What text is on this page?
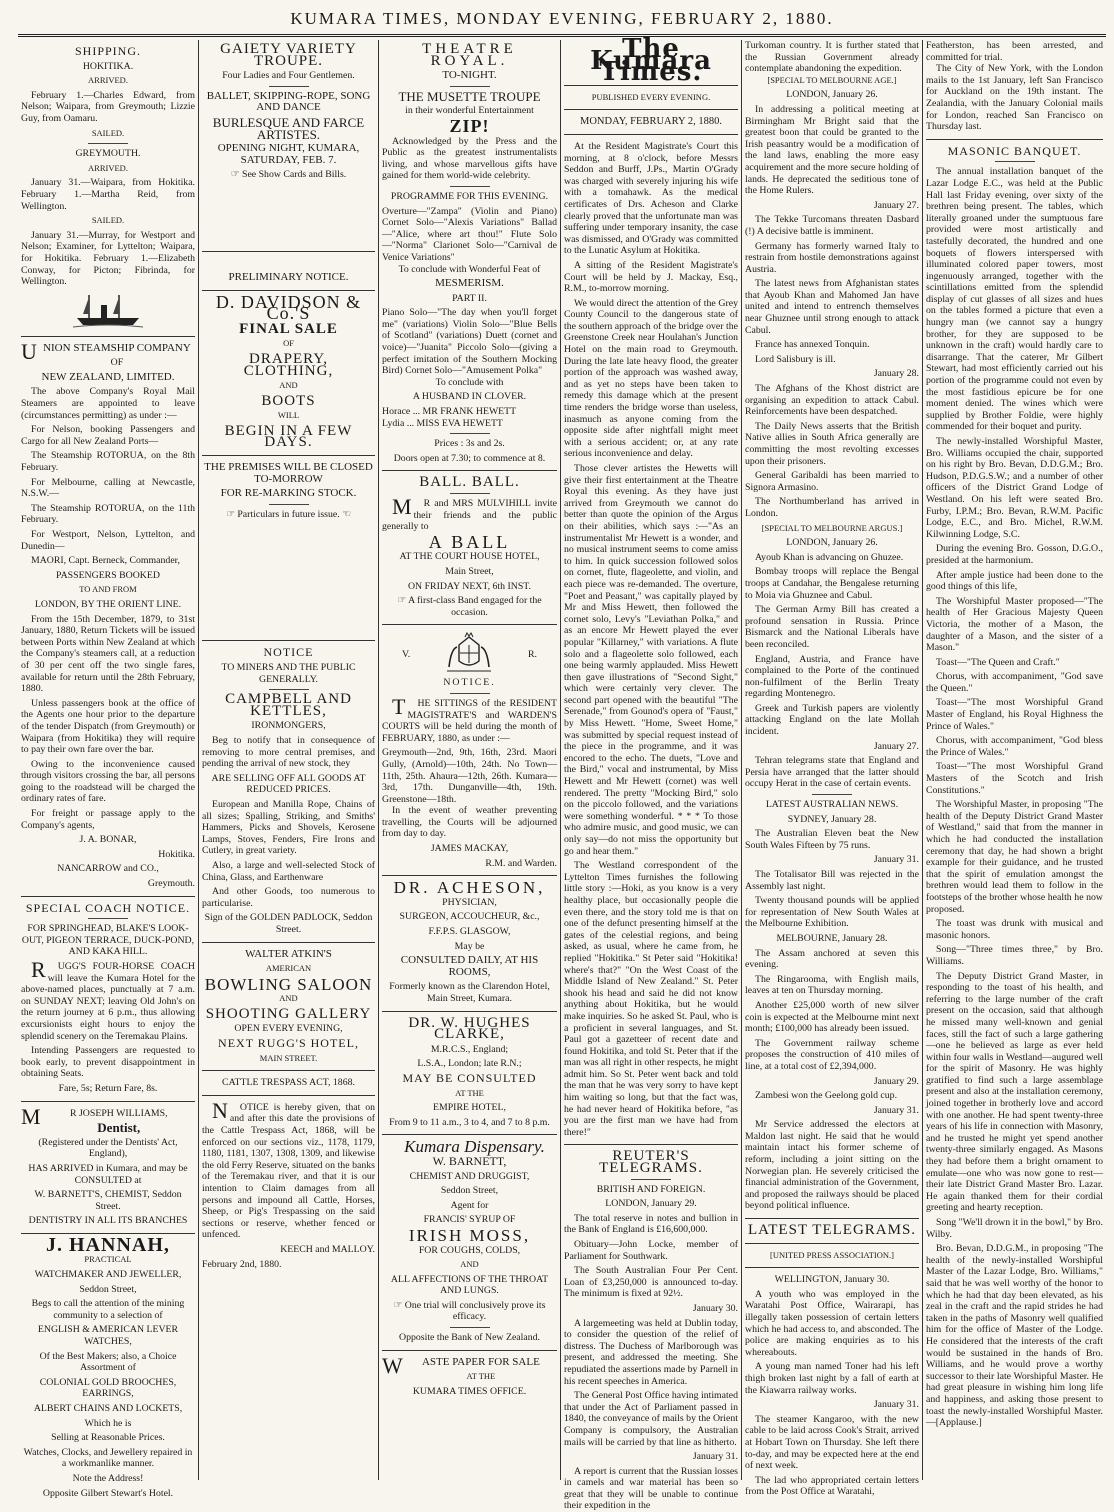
KUMARA TIMES, MONDAY EVENING, FEBRUARY 2, 1880.
SHIPPING.

HOKITIKA.

ARRIVED.

February 1.—Charles Edward, from Nelson; Waipara, from Greymouth; Lizzie Guy, from Oamaru.

SAILED.

GREYMOUTH.

ARRIVED.

January 31.—Waipara, from Hokitika. February 1.—Martha Reid, from Wellington.

SAILED.

January 31.—Murray, for Westport and Nelson; Examiner, for Lyttelton; Waipara, for Hokitika. February 1.—Elizabeth Conway, for Picton; Fibrinda, for Wellington.

UNION STEAMSHIP COMPANY

OF

NEW ZEALAND, LIMITED.

The above Company's Royal Mail Steamers are appointed to leave (circumstances permitting) as under :—

For Nelson, booking Passengers and Cargo for all New Zealand Ports—

The Steamship ROTORUA, on the 8th February.

For Melbourne, calling at Newcastle, N.S.W.—

The Steamship ROTORUA, on the 11th February.

For Westport, Nelson, Lyttelton, and Dunedin—

MAORI, Capt. Berneck, Commander,

PASSENGERS BOOKED

TO AND FROM

LONDON, BY THE ORIENT LINE.

From the 15th December, 1879, to 31st January, 1880, Return Tickets will be issued between Ports within New Zealand at which the Company's steamers call, at a reduction of 30 per cent off the two single fares, available for return until the 28th February, 1880.

Unless passengers book at the office of the Agents one hour prior to the departure of the tender Dispatch (from Greymouth) or Waipara (from Hokitika) they will require to pay their own fare over the bar.

Owing to the inconvenience caused through visitors crossing the bar, all persons going to the roadstead will be charged the ordinary rates of fare.

For freight or passage apply to the Company's agents,

J. A. BONAR,

Hokitika.

NANCARROW and CO.,

Greymouth.

SPECIAL COACH NOTICE.

FOR SPRINGHEAD, BLAKE'S LOOK-OUT, PIGEON TERRACE, DUCK-POND, AND KAKA HILL.

RUGG'S FOUR-HORSE COACH will leave the Kumara Hotel for the above-named places, punctually at 7 a.m. on SUNDAY NEXT; leaving Old John's on the return journey at 6 p.m., thus allowing excursionists eight hours to enjoy the splendid scenery on the Teremakau Plains.

Intending Passengers are requested to book early, to prevent disappointment in obtaining Seats.

Fare, 5s; Return Fare, 8s.

MR JOSEPH WILLIAMS,

Dentist,

(Registered under the Dentists' Act, England),

HAS ARRIVED in Kumara, and may be CONSULTED at

W. BARNETT'S, CHEMIST, Seddon Street.

DENTISTRY IN ALL ITS BRANCHES

J. HANNAH,

PRACTICAL

WATCHMAKER AND JEWELLER,

Seddon Street,

Begs to call the attention of the mining community to a selection of

ENGLISH & AMERICAN LEVER WATCHES,

Of the Best Makers; also, a Choice Assortment of

COLONIAL GOLD BROOCHES, EARRINGS,

ALBERT CHAINS AND LOCKETS,

Which he is

Selling at Reasonable Prices.

Watches, Clocks, and Jewellery repaired in a workmanlike manner.

Note the Address!

Opposite Gilbert Stewart's Hotel.

GAIETY VARIETY TROUPE.

Four Ladies and Four Gentlemen.

BALLET, SKIPPING-ROPE, SONG AND DANCE

BURLESQUE AND FARCE ARTISTES.

OPENING NIGHT, KUMARA, SATURDAY, FEB. 7.

☞ See Show Cards and Bills.

PRELIMINARY NOTICE.

D. DAVIDSON & Co.'S
FINAL SALE

OF

DRAPERY, CLOTHING,

AND

BOOTS

WILL

BEGIN IN A FEW DAYS.

THE PREMISES WILL BE CLOSED TO-MORROW

FOR RE-MARKING STOCK.

☞ Particulars in future issue. ☜

NOTICE

TO MINERS AND THE PUBLIC GENERALLY.

CAMPBELL AND KETTLES,

IRONMONGERS,

Beg to notify that in consequence of removing to more central premises, and pending the arrival of new stock, they

ARE SELLING OFF ALL GOODS AT REDUCED PRICES.

European and Manilla Rope, Chains of all sizes; Spalling, Striking, and Smiths' Hammers, Picks and Shovels, Kerosene Lamps, Stoves, Fenders, Fire Irons and Cutlery, in great variety.

Also, a large and well-selected Stock of China, Glass, and Earthenware

And other Goods, too numerous to particularise.

Sign of the GOLDEN PADLOCK, Seddon Street.

WALTER ATKIN'S

AMERICAN

BOWLING SALOON

AND

SHOOTING GALLERY

OPEN EVERY EVENING,

NEXT RUGG'S HOTEL,

MAIN STREET.

CATTLE TRESPASS ACT, 1868.

NOTICE is hereby given, that on and after this date the provisions of the Cattle Trespass Act, 1868, will be enforced on our sections viz., 1178, 1179, 1180, 1181, 1307, 1308, 1309, and likewise the old Ferry Reserve, situated on the banks of the Teremakau river, and that it is our intention to Claim damages from all persons and impound all Cattle, Horses, Sheep, or Pig's Trespassing on the said sections or reserve, whether fenced or unfenced.

KEECH and MALLOY.

February 2nd, 1880.

THEATRE ROYAL.

TO-NIGHT.

THE MUSETTE TROUPE

in their wonderful Entertainment

ZIP!

Acknowledged by the Press and the Public as the greatest instrumentalists living, and whose marvellous gifts have gained for them world-wide celebrity.

PROGRAMME FOR THIS EVENING.

Overture—"Zampa" (Violin and Piano) Cornet Solo—"Alexis Variations" Ballad—"Alice, where art thou!" Flute Solo—"Norma" Clarionet Solo—"Carnival de Venice Variations"

To conclude with Wonderful Feat of

MESMERISM.

PART II.

Piano Solo—"The day when you'll forget me" (variations) Violin Solo—"Blue Bells of Scotland" (variations) Duett (cornet and voice)—"Juanita" Piccolo Solo—(giving a perfect imitation of the Southern Mocking Bird) Cornet Solo—"Amusement Polka"

To conclude with

A HUSBAND IN CLOVER.

Horace ... MR FRANK HEWETT

Lydia ... MISS EVA HEWETT

Prices : 3s and 2s.

Doors open at 7.30; to commence at 8.

BALL. BALL.

MR and MRS MULVIHILL invite their friends and the public generally to

A BALL

AT THE COURT HOUSE HOTEL,

Main Street,

ON FRIDAY NEXT, 6th INST.

☞ A first-class Band engaged for the occasion.

V.	R.

NOTICE.

THE SITTINGS of the RESIDENT MAGISTRATE'S and WARDEN'S COURTS will be held during the month of FEBRUARY, 1880, as under :—

Greymouth—2nd, 9th, 16th, 23rd. Maori Gully, (Arnold)—10th, 24th. No Town—11th, 25th. Ahaura—12th, 26th. Kumara—3rd, 17th. Dunganville—4th, 19th. Greenstone—18th.

In the event of weather preventing travelling, the Courts will be adjourned from day to day.

JAMES MACKAY,

R.M. and Warden.

DR. ACHESON,

PHYSICIAN,

SURGEON, ACCOUCHEUR, &c.,

F.F.P.S. GLASGOW,

May be

CONSULTED DAILY, AT HIS ROOMS,

Formerly known as the Clarendon Hotel, Main Street, Kumara.

DR. W. HUGHES CLARKE,

M.R.C.S., England;

L.S.A., London; late R.N.;

MAY BE CONSULTED

AT THE

EMPIRE HOTEL,

From 9 to 11 a.m., 3 to 4, and 7 to 8 p.m.

Kumara Dispensary.

W. BARNETT,

CHEMIST AND DRUGGIST,

Seddon Street,

Agent for

FRANCIS' SYRUP OF

IRISH MOSS,

FOR COUGHS, COLDS,

AND

ALL AFFECTIONS OF THE THROAT AND LUNGS.

☞ One trial will conclusively prove its efficacy.

Opposite the Bank of New Zealand.

WASTE PAPER FOR SALE

AT THE

KUMARA TIMES OFFICE.

The Kumara Times.

PUBLISHED EVERY EVENING.

MONDAY, FEBRUARY 2, 1880.

At the Resident Magistrate's Court this morning, at 8 o'clock, before Messrs Seddon and Burff, J.Ps., Martin O'Grady was charged with severely injuring his wife with a tomahawk. As the medical certificates of Drs. Acheson and Clarke clearly proved that the unfortunate man was suffering under temporary insanity, the case was dismissed, and O'Grady was committed to the Lunatic Asylum at Hokitika.

A sitting of the Resident Magistrate's Court will be held by J. Mackay, Esq., R.M., to-morrow morning.

We would direct the attention of the Grey County Council to the dangerous state of the southern approach of the bridge over the Greenstone Creek near Houlahan's Junction Hotel on the main road to Greymouth. During the late late heavy flood, the greater portion of the approach was washed away, and as yet no steps have been taken to remedy this damage which at the present time renders the bridge worse than useless, inasmuch as anyone coming from the opposite side after nightfall might meet with a serious accident; or, at any rate serious inconvenience and delay.

Those clever artistes the Hewetts will give their first entertainment at the Theatre Royal this evening. As they have just arrived from Greymouth we cannot do better than quote the opinion of the Argus on their abilities, which says :—"As an instrumentalist Mr Hewett is a wonder, and no musical instrument seems to come amiss to him. In quick succession followed solos on cornet, flute, flageolette, and violin, and each piece was re-demanded. The overture, "Poet and Peasant," was capitally played by Mr and Miss Hewett, then followed the cornet solo, Levy's "Leviathan Polka," and as an encore Mr Hewett played the ever popular "Killarney," with variations. A flute solo and a flageolette solo followed, each one being warmly applauded. Miss Hewett then gave illustrations of "Second Sight," which were certainly very clever. The second part opened with the beautiful "The Serenade," from Gounod's opera of "Faust," by Miss Hewett. "Home, Sweet Home," was submitted by special request instead of the piece in the programme, and it was encored to the echo. The duets, "Love and the Bird," vocal and instrumental, by Miss Hewett and Mr Hewett (cornet) was well rendered. The pretty "Mocking Bird," solo on the piccolo followed, and the variations were something wonderful. * * * To those who admire music, and good music, we can only say—do not miss the opportunity but go and hear them."

The Westland correspondent of the Lyttelton Times furnishes the following little story :—Hoki, as you know is a very healthy place, but occasionally people die even there, and the story told me is that on one of the defunct presenting himself at the gates of the celestial regions, and being asked, as usual, where he came from, he replied "Hokitika." St Peter said "Hokitika! where's that?" "On the West Coast of the Middle Island of New Zealand." St. Peter shook his head and said he did not know anything about Hokitika, but he would make inquiries. So he asked St. Paul, who is a proficient in several languages, and St. Paul got a gazetteer of recent date and found Hokitika, and told St. Peter that if the man was all right in other respects, he might admit him. So St. Peter went back and told the man that he was very sorry to have kept him waiting so long, but that the fact was, he had never heard of Hokitika before, "as you are the first man we have had from there!"

REUTER'S TELEGRAMS.

BRITISH AND FOREIGN.

LONDON, January 29.

The total reserve in notes and bullion in the Bank of England is £16,600,000.

Obituary—John Locke, member of Parliament for Southwark.

The South Australian Four Per Cent. Loan of £3,250,000 is announced to-day. The minimum is fixed at 92½.

January 30.

A largemeeting was held at Dublin today, to consider the question of the relief of distress. The Duchess of Marlborough was present, and addressed the meeting. She repudiated the assertions made by Parnell in his recent speeches in America.

The General Post Office having intimated that under the Act of Parliament passed in 1840, the conveyance of mails by the Orient Company is compulsory, the Australian mails will be carried by that line as hitherto.

January 31.

A report is current that the Russian losses in camels and war material has been so great that they will be unable to continue their expedition in the

Turkoman country. It is further stated that the Russian Government already contemplate abandoning the expedition.

[SPECIAL TO MELBOURNE AGE.]

LONDON, January 26.

In addressing a political meeting at Birmingham Mr Bright said that the greatest boon that could be granted to the Irish peasantry would be a modification of the land laws, enabling the more easy acquirement and the more secure holding of lands. He deprecated the seditious tone of the Home Rulers.

January 27.

The Tekke Turcomans threaten Dasbard (!) A decisive battle is imminent.

Germany has formerly warned Italy to restrain from hostile demonstrations against Austria.

The latest news from Afghanistan states that Ayoub Khan and Mahomed Jan have united and intend to entrench themselves near Ghuznee until strong enough to attack Cabul.

France has annexed Tonquin.

Lord Salisbury is ill.

January 28.

The Afghans of the Khost district are organising an expedition to attack Cabul. Reinforcements have been despatched.

The Daily News asserts that the British Native allies in South Africa generally are committing the most revolting excesses upon their prisoners.

General Garibaldi has been married to Signora Armasino.

The Northumberland has arrived in London.

[SPECIAL TO MELBOURNE ARGUS.]

LONDON, January 26.

Ayoub Khan is advancing on Ghuzee.

Bombay troops will replace the Bengal troops at Candahar, the Bengalese returning to Moia via Ghuznee and Cabul.

The German Army Bill has created a profound sensation in Russia. Prince Bismarck and the National Liberals have been reconciled.

England, Austria, and France have complained to the Porte of the continued non-fulfilment of the Berlin Treaty regarding Montenegro.

Greek and Turkish papers are violently attacking England on the late Mollah incident.

January 27.

Tehran telegrams state that England and Persia have arranged that the latter should occupy Herat in the case of certain events.

LATEST AUSTRALIAN NEWS.

SYDNEY, January 28.

The Australian Eleven beat the New South Wales Fifteen by 75 runs.

January 31.

The Totalisator Bill was rejected in the Assembly last night.

Twenty thousand pounds will be applied for representation of New South Wales at the Melbourne Exhibition.

MELBOURNE, January 28.

The Assam anchored at seven this evening.

The Ringarooma, with English mails, leaves at ten on Thursday morning.

Another £25,000 worth of new silver coin is expected at the Melbourne mint next month; £100,000 has already been issued.

The Government railway scheme proposes the construction of 410 miles of line, at a total cost of £2,394,000.

January 29.

Zambesi won the Geelong gold cup.

January 31.

Mr Service addressed the electors at Maldon last night. He said that he would maintain intact his former scheme of reform, including a joint sitting on the Norwegian plan. He severely criticised the financial administration of the Government, and proposed the railways should be placed beyond political influence.

LATEST TELEGRAMS.

[UNITED PRESS ASSOCIATION.]

WELLINGTON, January 30.

A youth who was employed in the Waratahi Post Office, Wairarapi, has illegally taken possession of certain letters which he had access to, and absconded. The police are making enquiries as to his whereabouts.

A young man named Toner had his left thigh broken last night by a fall of earth at the Kiawarra railway works.

January 31.

The steamer Kangaroo, with the new cable to be laid across Cook's Strait, arrived at Hobart Town on Thursday. She left there to-day, and may be expected here at the end of next week.

The lad who appropriated certain letters from the Post Office at Waratahi,

Featherston, has been arrested, and committed for trial.

The City of New York, with the London mails to the 1st January, left San Francisco for Auckland on the 19th instant. The Zealandia, with the January Colonial mails for London, reached San Francisco on Thursday last.

MASONIC BANQUET.

The annual installation banquet of the Lazar Lodge E.C., was held at the Public Hall last Friday evening, over sixty of the brethren being present. The tables, which literally groaned under the sumptuous fare provided were most artistically and tastefully decorated, the hundred and one boquets of flowers interspersed with illuminated colored paper towers, most ingenuously arranged, together with the scintillations emitted from the splendid display of cut glasses of all sizes and hues on the tables formed a picture that even a hungry man (we cannot say a hungry brother, for they are supposed to be unknown in the craft) would hardly care to disarrange. That the caterer, Mr Gilbert Stewart, had most efficiently carried out his portion of the programme could not even by the most fastidious epicure be for one moment denied. The wines which were supplied by Brother Foldie, were highly commended for their boquet and purity.

The newly-installed Worshipful Master, Bro. Williams occupied the chair, supported on his right by Bro. Bevan, D.D.G.M.; Bro. Hudson, P.D.G.S.W.; and a number of other officers of the District Grand Lodge of Westland. On his left were seated Bro. Furby, I.P.M.; Bro. Bevan, R.W.M. Pacific Lodge, E.C., and Bro. Michel, R.W.M. Kilwinning Lodge, S.C.

During the evening Bro. Gosson, D.G.O., presided at the harmonium.

After ample justice had been done to the good things of this life,

The Worshipful Master proposed—"The health of Her Gracious Majesty Queen Victoria, the mother of a Mason, the daughter of a Mason, and the sister of a Mason."

Toast—"The Queen and Craft."

Chorus, with accompaniment, "God save the Queen."

Toast—"The most Worshipful Grand Master of England, his Royal Highness the Prince of Wales."

Chorus, with accompaniment, "God bless the Prince of Wales."

Toast—"The most Worshipful Grand Masters of the Scotch and Irish Constitutions."

The Worshipful Master, in proposing "The health of the Deputy District Grand Master of Westland," said that from the manner in which he had conducted the installation ceremony that day, he had shown a bright example for their guidance, and he trusted that the spirit of emulation amongst the brethren would lead them to follow in the footsteps of the brother whose health he now proposed.

The toast was drunk with musical and masonic honors.

Song—"Three times three," by Bro. Williams.

The Deputy District Grand Master, in responding to the toast of his health, and referring to the large number of the craft present on the occasion, said that although he missed many well-known and genial faces, still the fact of such a large gathering—one he believed as large as ever held within four walls in Westland—augured well for the spirit of Masonry. He was highly gratified to find such a large assemblage present and also at the installation ceremony, joined together in brotherly love and accord with one another. He had spent twenty-three years of his life in connection with Masonry, and he trusted he might yet spend another twenty-three similarly engaged. As Masons they had before them a bright ornament to emulate—one who was now gone to rest—their late District Grand Master Bro. Lazar. He again thanked them for their cordial greeting and hearty reception.

Song "We'll drown it in the bowl," by Bro. Wilby.

Bro. Bevan, D.D.G.M., in proposing "The health of the newly-installed Worshipful Master of the Lazar Lodge, Bro. Williams," said that he was well worthy of the honor to which he had that day been elevated, as his zeal in the craft and the rapid strides he had taken in the paths of Masonry well qualified him for the office of Master of the Lodge. He considered that the interests of the craft would be sustained in the hands of Bro. Williams, and he would prove a worthy successor to their late Worshipful Master. He had great pleasure in wishing him long life and happiness, and asking those present to toast the newly-installed Worshipful Master.—[Applause.]
